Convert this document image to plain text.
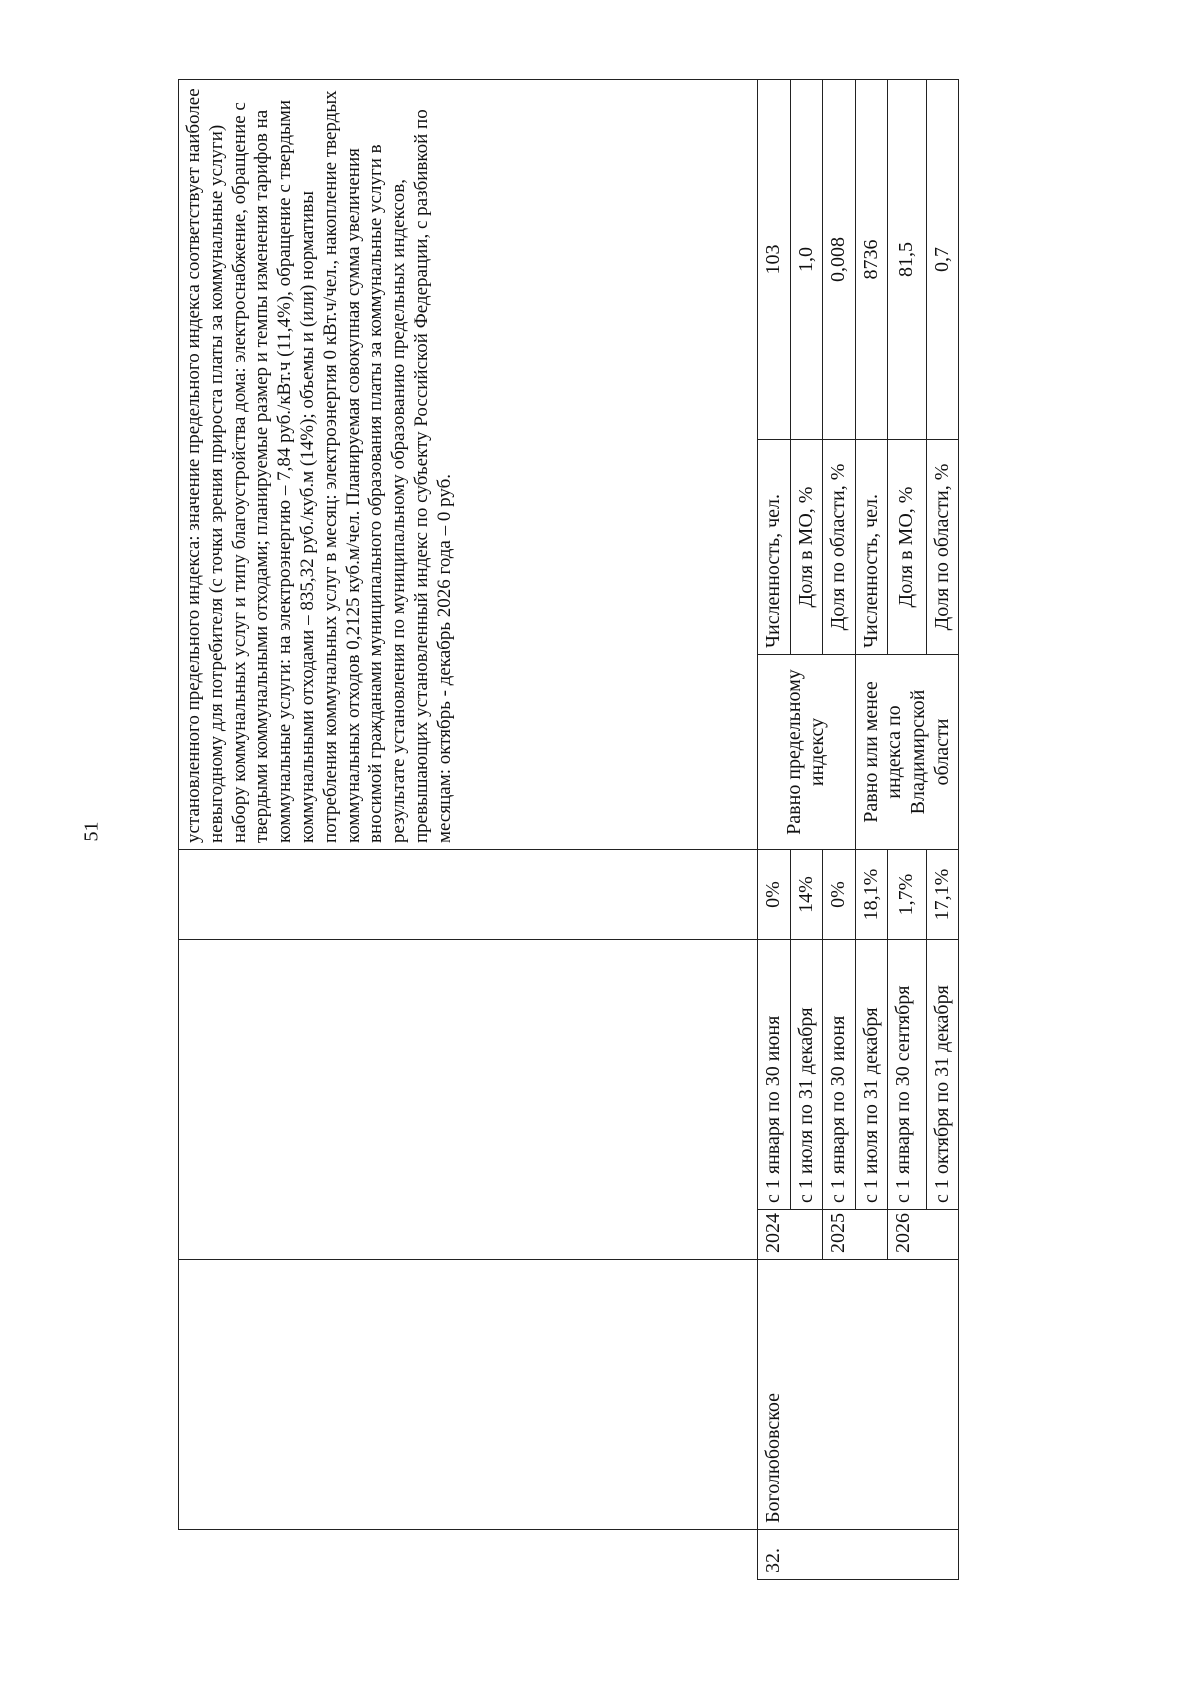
51
					установленного предельного индекса: значение предельного индекса соответствует наиболее невыгодному для потребителя (с точки зрения прироста платы за коммунальные услуги) набору коммунальных услуг и типу благоустройства дома: электроснабжение, обращение с твердыми коммунальными отходами; планируемые размер и темпы изменения тарифов на коммунальные услуги: на электроэнергию – 7,84 руб./кВт.ч (11,4%), обращение с твердыми коммунальными отходами – 835,32 руб./куб.м (14%); объемы и (или) нормативы потребления коммунальных услуг в месяц: электроэнергия 0 кВт.ч/чел., накопление твердых коммунальных отходов 0,2125 куб.м/чел. Планируемая совокупная сумма увеличения вносимой гражданами муниципального образования платы за коммунальные услуги в результате установления по муниципальному образованию предельных индексов, превышающих установленный индекс по субъекту Российской Федерации, с разбивкой по месяцам: октябрь - декабрь 2026 года – 0 руб.		
32.	Боголюбовское	2024	с 1 января по 30 июня	0%	Равно предельному индексу	Численность, чел.	103
			с 1 июля по 31 декабря	14%		Доля в МО, %	1,0
		2025	с 1 января по 30 июня	0%		Доля по области, %	0,008
			с 1 июля по 31 декабря	18,1%	Равно или менее индекса по Владимирской области	Численность, чел.	8736
		2026	с 1 января по 30 сентября	1,7%		Доля в МО, %	81,5
			с 1 октября по 31 декабря	17,1%		Доля по области, %	0,7
